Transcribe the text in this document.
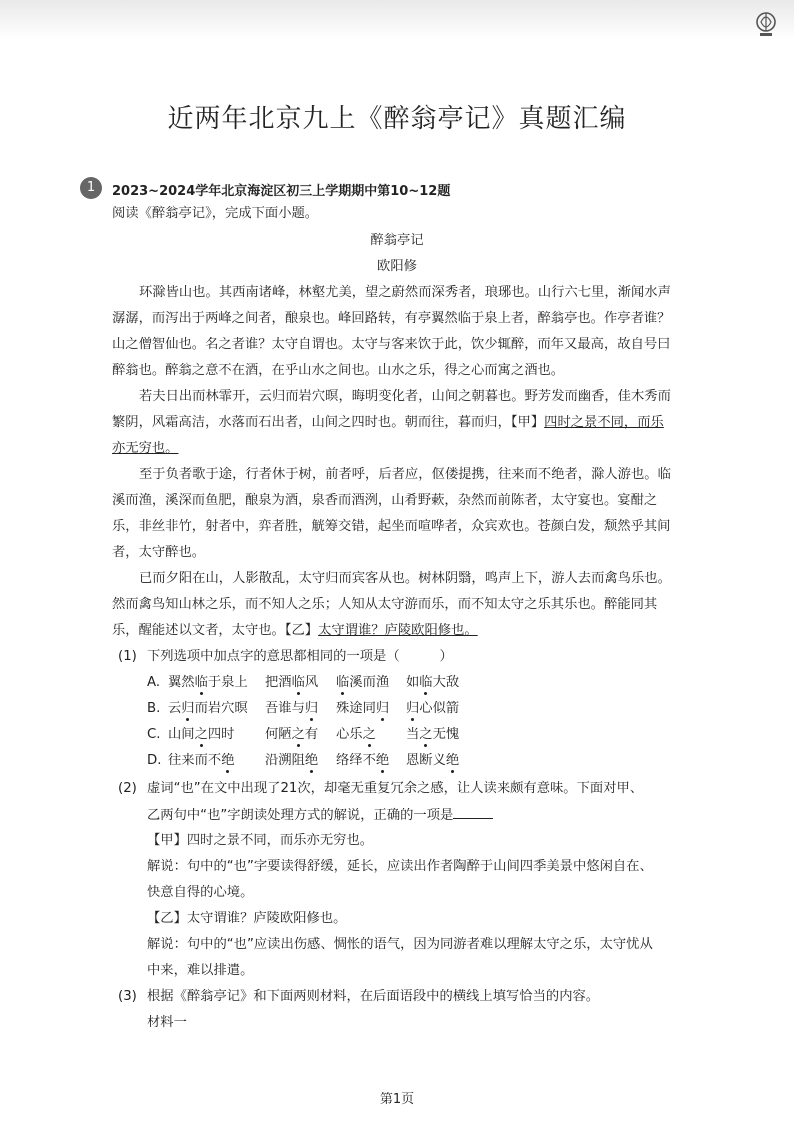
近两年北京九上《醉翁亭记》真题汇编
1	2023~2024学年北京海淀区初三上学期期中第10~12题
阅读《醉翁亭记》，完成下面小题。
醉翁亭记
欧阳修
环滁皆山也。其西南诸峰，林壑尤美，望之蔚然而深秀者，琅琊也。山行六七里，渐闻水声
潺潺，而泻出于两峰之间者，酿泉也。峰回路转，有亭翼然临于泉上者，醉翁亭也。作亭者谁？
山之僧智仙也。名之者谁？太守自谓也。太守与客来饮于此，饮少辄醉，而年又最高，故自号曰
醉翁也。醉翁之意不在酒，在乎山水之间也。山水之乐，得之心而寓之酒也。
若夫日出而林霏开，云归而岩穴暝，晦明变化者，山间之朝暮也。野芳发而幽香，佳木秀而
繁阴，风霜高洁，水落而石出者，山间之四时也。朝而往，暮而归，【甲】四时之景不同，而乐
亦无穷也。
至于负者歌于途，行者休于树，前者呼，后者应，伛偻提携，往来而不绝者，滁人游也。临
溪而渔，溪深而鱼肥，酿泉为酒，泉香而酒洌，山肴野蔌，杂然而前陈者，太守宴也。宴酣之
乐，非丝非竹，射者中，弈者胜，觥筹交错，起坐而喧哗者，众宾欢也。苍颜白发，颓然乎其间
者，太守醉也。
已而夕阳在山，人影散乱，太守归而宾客从也。树林阴翳，鸣声上下，游人去而禽鸟乐也。
然而禽鸟知山林之乐，而不知人之乐；人知从太守游而乐，而不知太守之乐其乐也。醉能同其
乐，醒能述以文者，太守也。【乙】太守谓谁？庐陵欧阳修也。
(1) 下列选项中加点字的意思都相同的一项是（　　　）
A. 翼然临于泉上 把酒临风 临溪而渔 如临大敌
B. 云归而岩穴暝 吾谁与归 殊途同归 归心似箭
C. 山间之四时 何陋之有 心乐之 当之无愧
D. 往来而不绝 沿溯阻绝 络绎不绝 恩断义绝
(2) 虚词“也”在文中出现了21次，却毫无重复冗余之感，让人读来颇有意味。下面对甲、
乙两句中“也”字朗读处理方式的解说，正确的一项是
【甲】四时之景不同，而乐亦无穷也。
解说：句中的“也”字要读得舒缓，延长，应读出作者陶醉于山间四季美景中悠闲自在、
快意自得的心境。
【乙】太守谓谁？庐陵欧阳修也。
解说：句中的“也”应读出伤感、惆怅的语气，因为同游者难以理解太守之乐，太守忧从
中来，难以排遣。
(3) 根据《醉翁亭记》和下面两则材料，在后面语段中的横线上填写恰当的内容。
材料一
第1页
